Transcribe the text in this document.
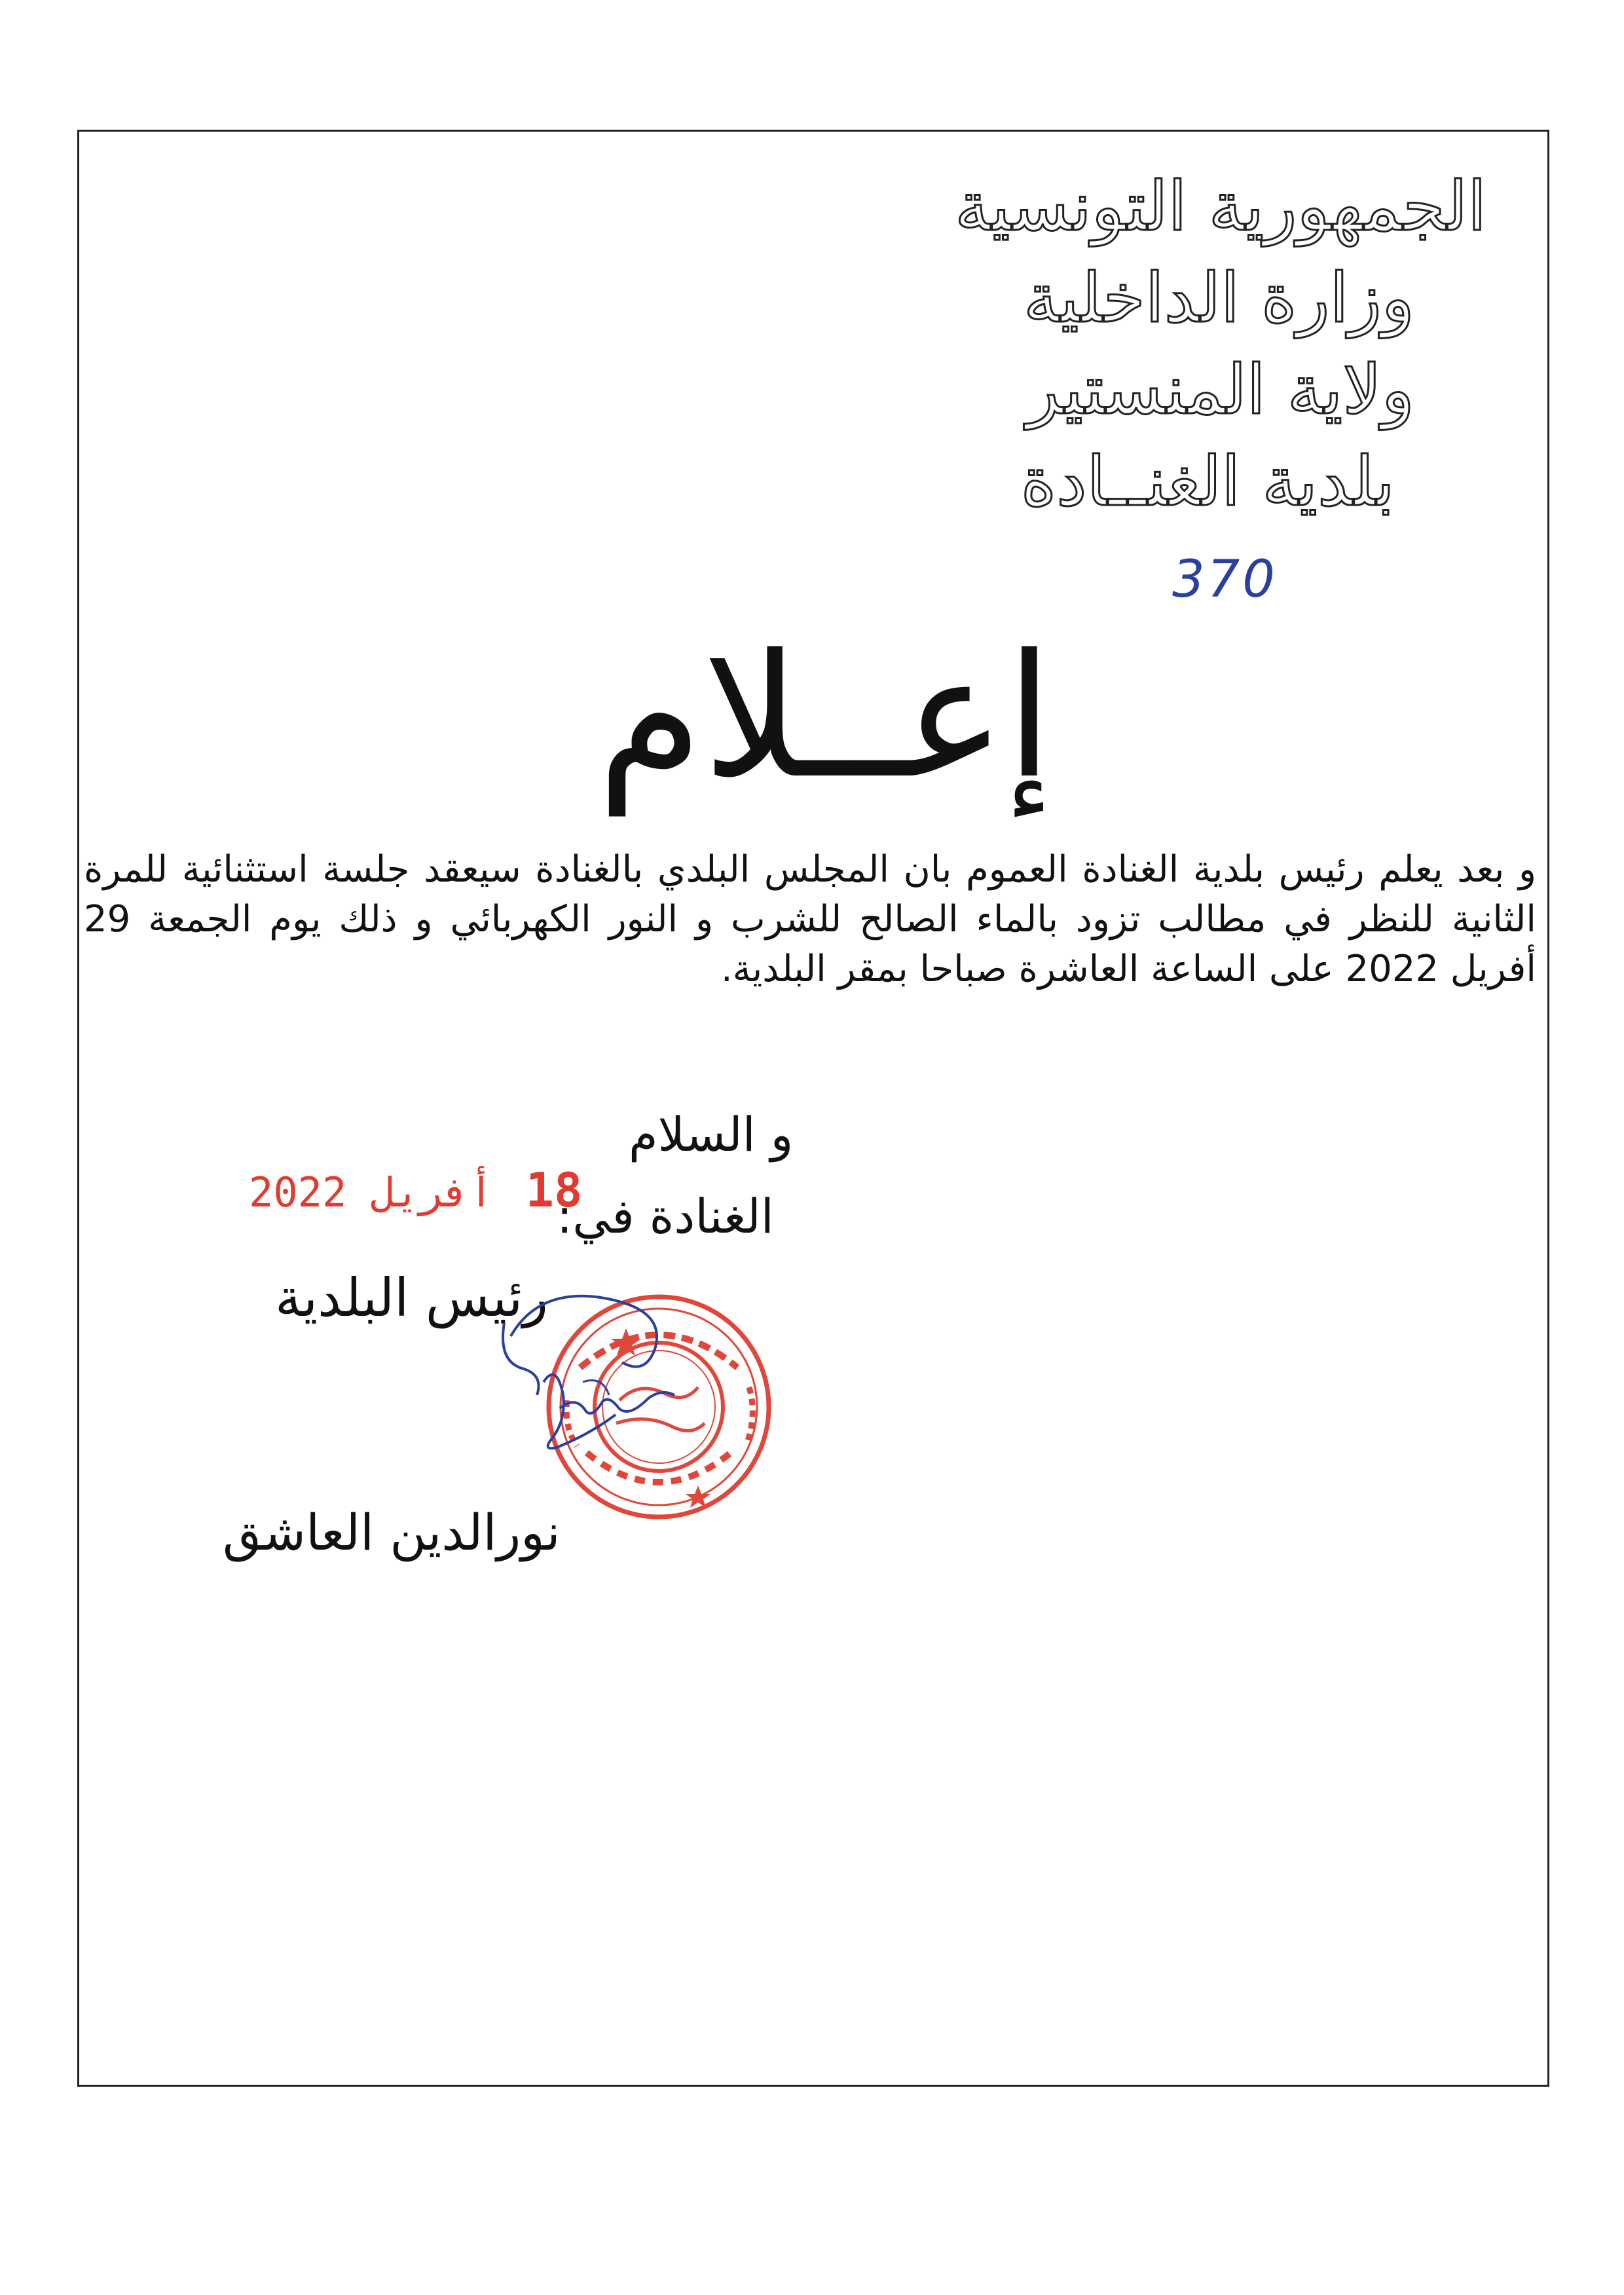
الجمهورية التونسية
وزارة الداخلية
ولاية المنستير
بلدية الغنــادة
370
إعــلام

و بعد يعلم رئيس بلدية الغنادة العموم بان المجلس البلدي بالغنادة سيعقد جلسة استثنائية للمرة الثانية للنظر في مطالب تزود بالماء الصالح للشرب و النور الكهربائي و ذلك يوم الجمعة 29 أفريل 2022 على الساعة العاشرة صباحا بمقر البلدية.

و السلام
الغنادة في:
18 أفريل 2022
رئيس البلدية
نورالدين العاشق
